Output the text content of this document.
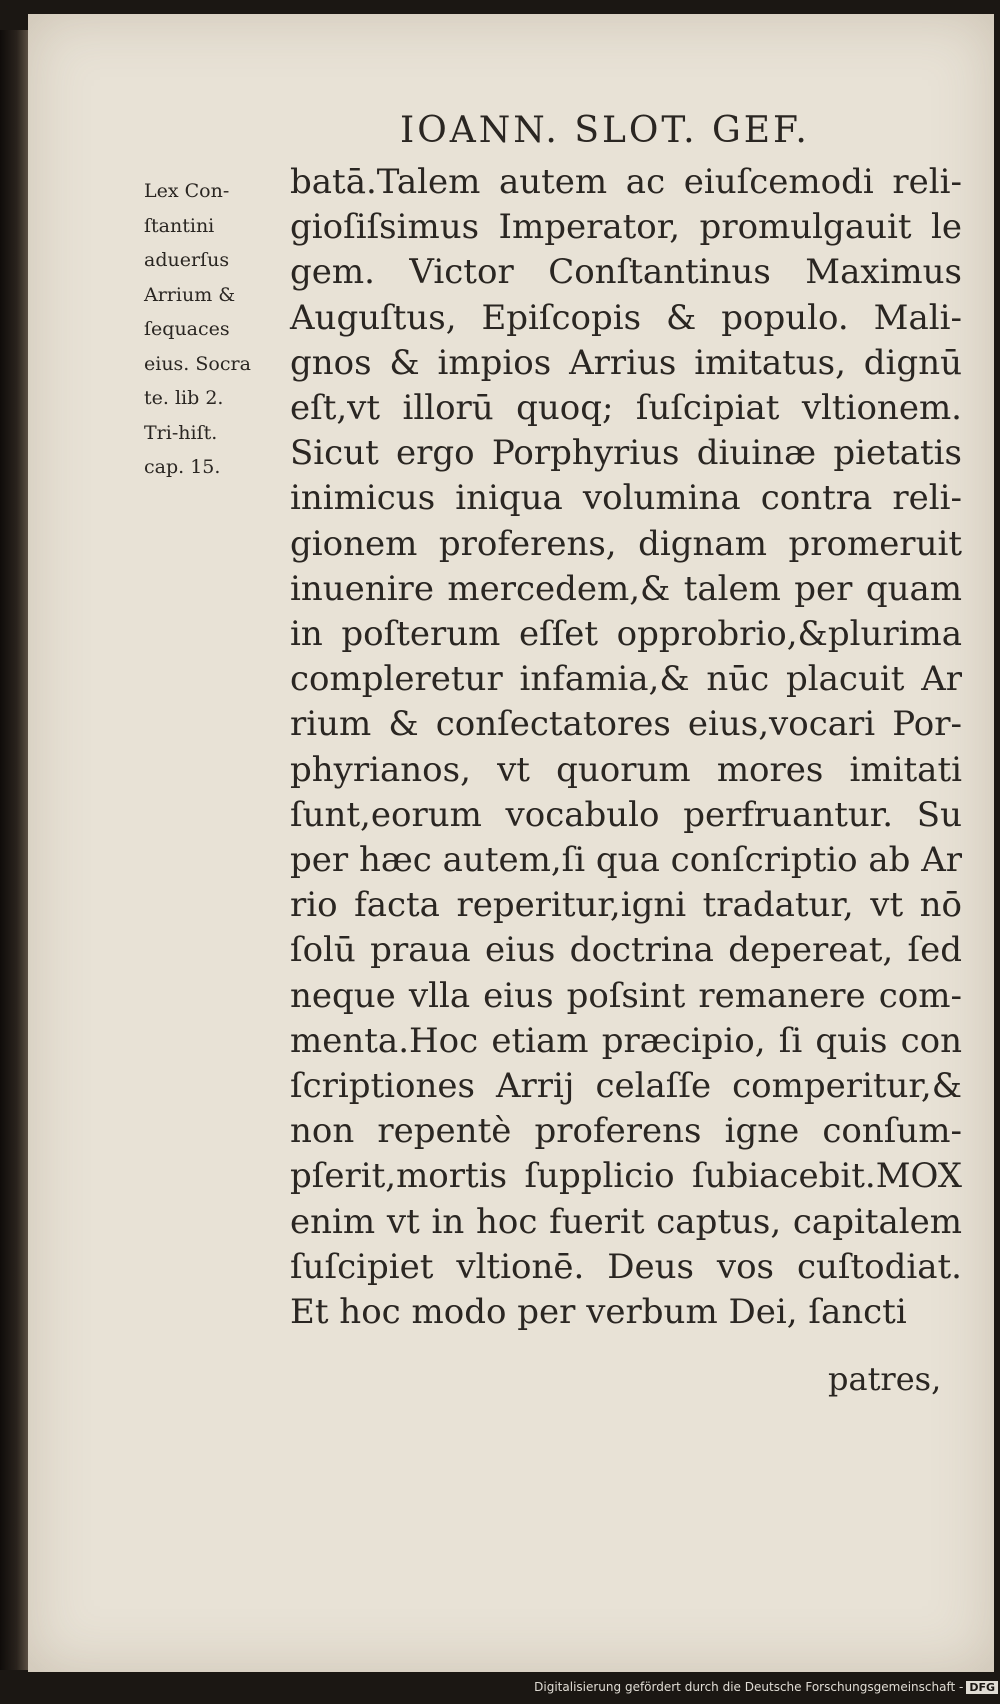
IOANN. SLOT. GEF.
Lex Con-
ſtantini
aduerſus
Arrium &
ſequaces
eius. Socra
te. lib 2.
Tri-hiſt.
cap. 15.
batā.Talem autem ac eiuſcemodi reli-
gioſiſsimus Imperator, promulgauit le
gem. Victor Conſtantinus Maximus
Auguſtus, Epiſcopis & populo. Mali-
gnos & impios Arrius imitatus, dignū
eſt,vt illorū quoq; ſuſcipiat vltionem.
Sicut ergo Porphyrius diuinæ pietatis
inimicus iniqua volumina contra reli-
gionem proferens, dignam promeruit
inuenire mercedem,& talem per quam
in poſterum eſſet opprobrio,&plurima
compleretur infamia,& nūc placuit Ar
rium & conſectatores eius,vocari Por-
phyrianos, vt quorum mores imitati
ſunt,eorum vocabulo perfruantur. Su
per hæc autem,ſi qua conſcriptio ab Ar
rio facta reperitur,igni tradatur, vt nō
ſolū praua eius doctrina depereat, ſed
neque vlla eius poſsint remanere com-
menta.Hoc etiam præcipio, ſi quis con
ſcriptiones Arrij celaſſe comperitur,&
non repentè proferens igne conſum-
pſerit,mortis ſupplicio ſubiacebit.MOX
enim vt in hoc fuerit captus, capitalem
ſuſcipiet vltionē. Deus vos cuſtodiat.
Et hoc modo per verbum Dei, ſancti
patres,
Digitalisierung gefördert durch die Deutsche Forschungsgemeinschaft - DFG
